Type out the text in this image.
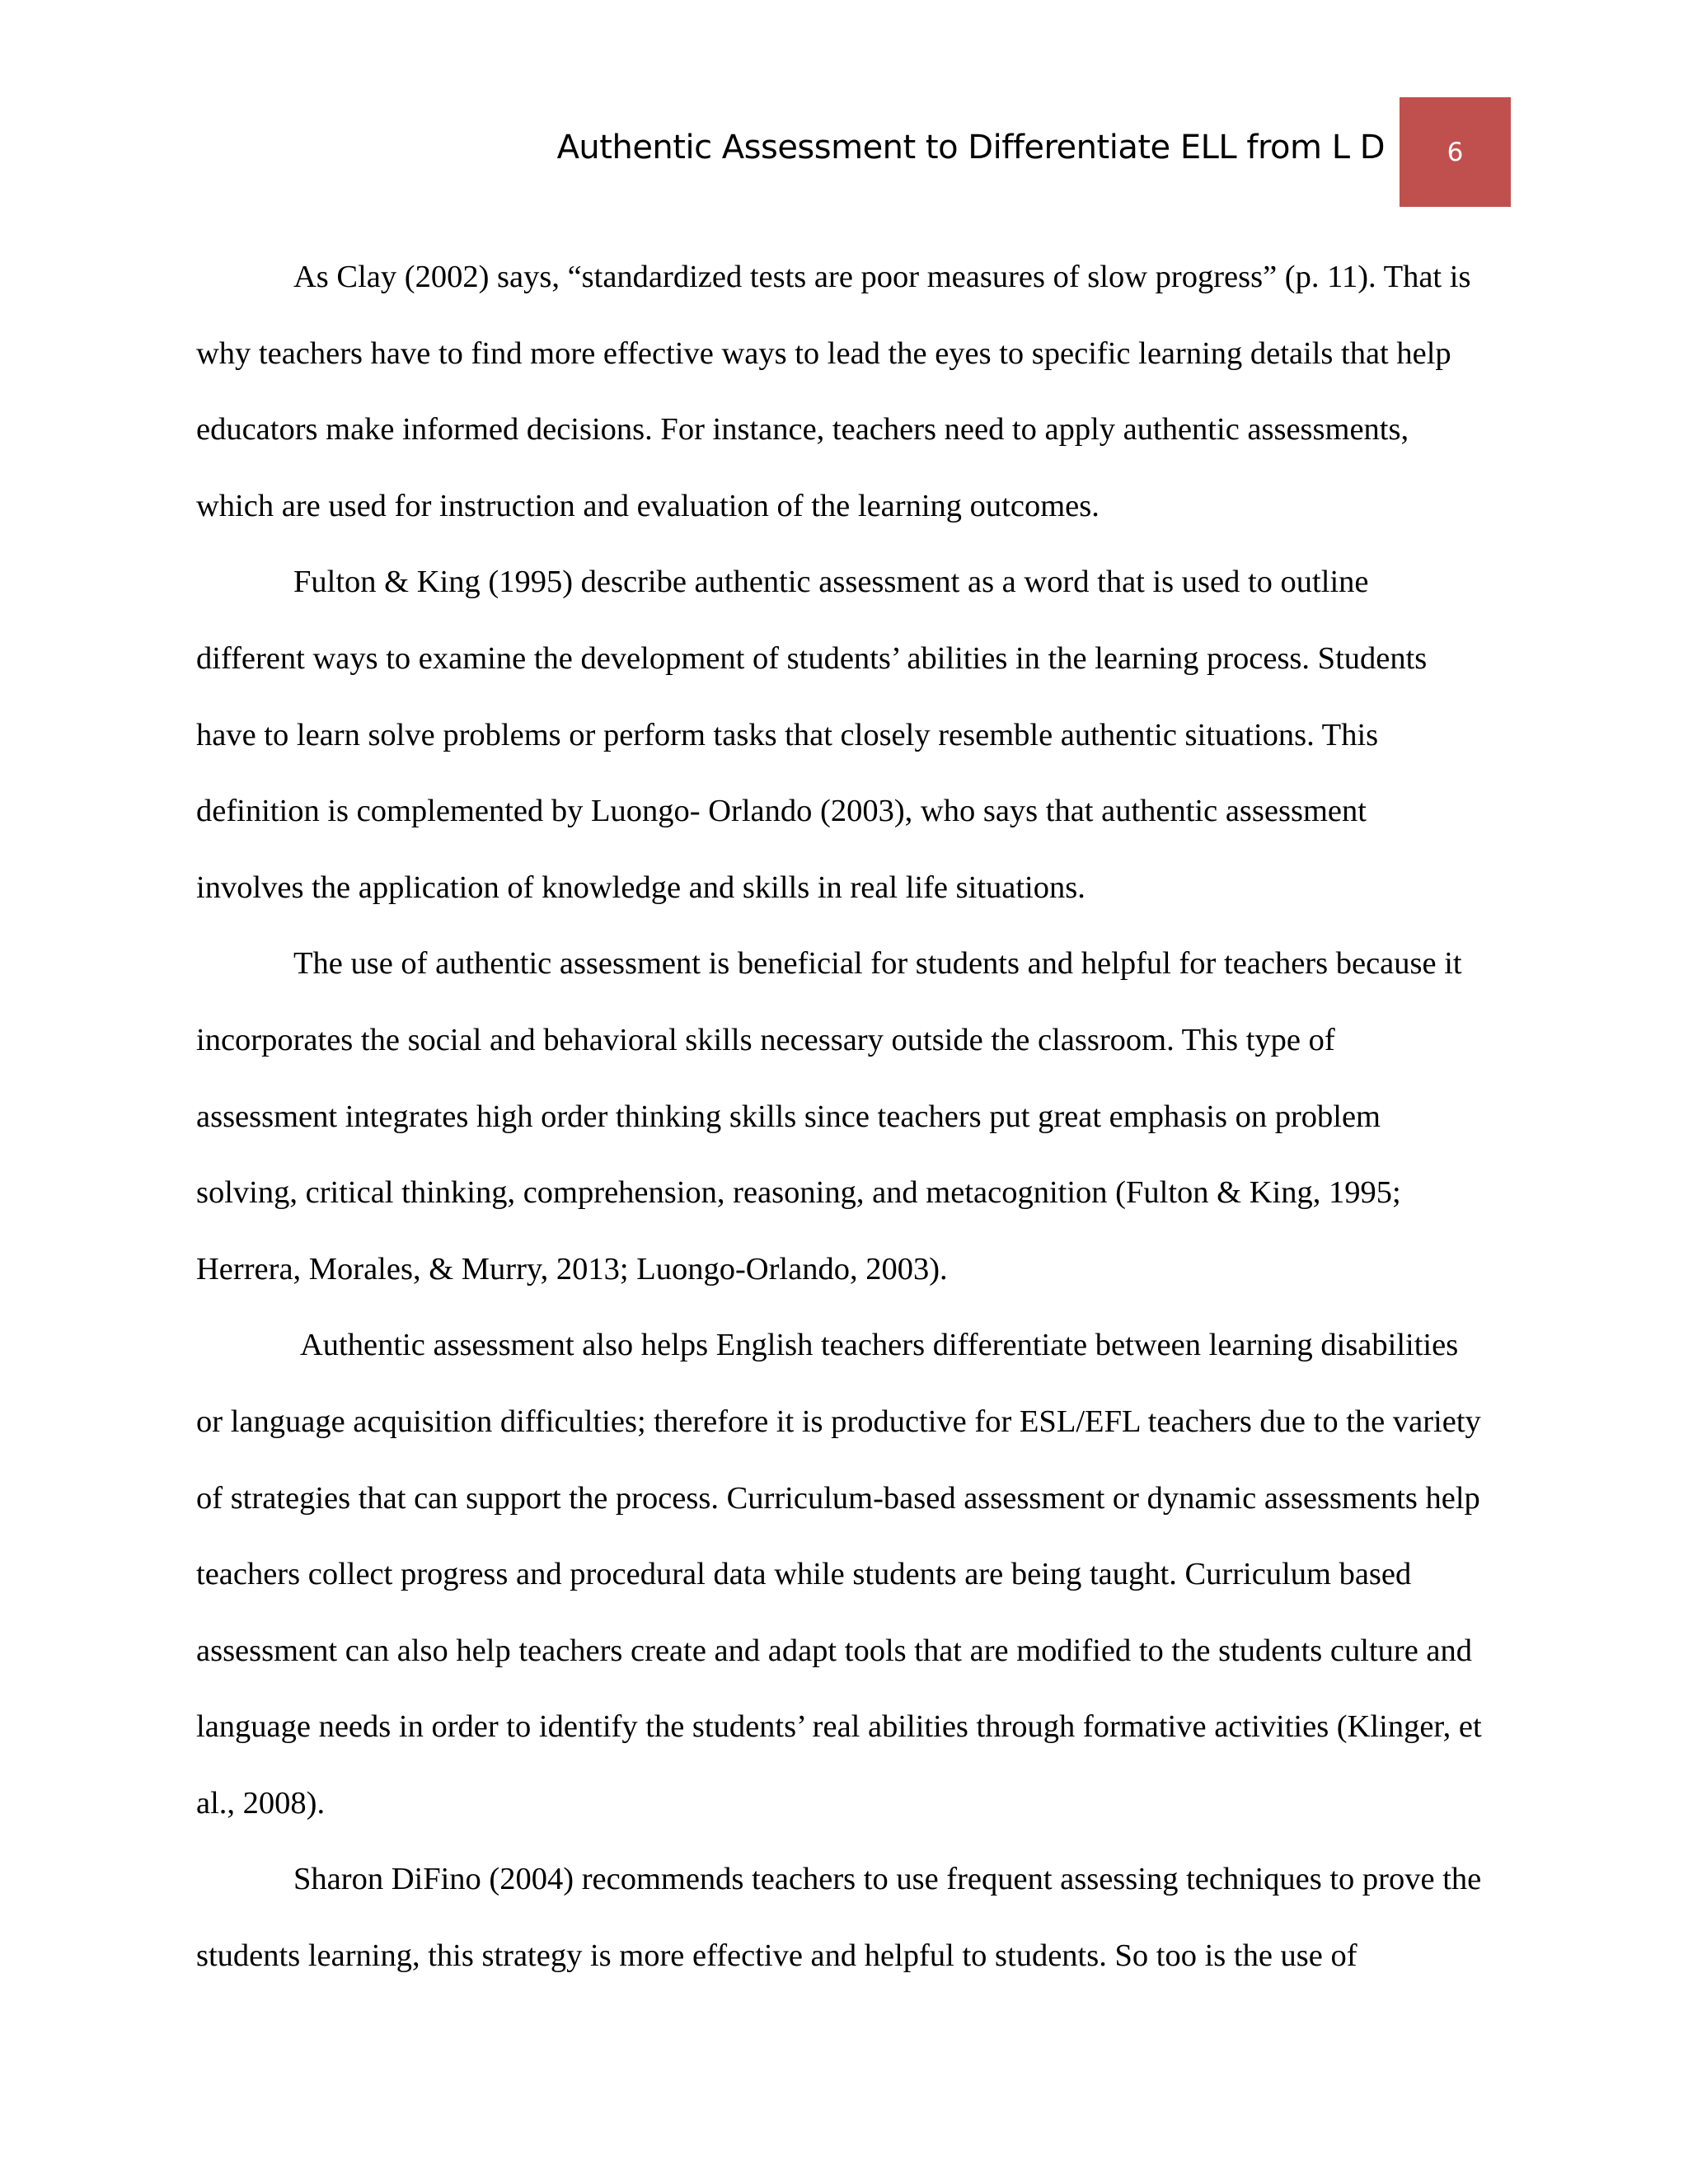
Authentic Assessment to Differentiate ELL from L D 6

As Clay (2002) says, “standardized tests are poor measures of slow progress” (p. 11). That is why teachers have to find more effective ways to lead the eyes to specific learning details that help educators make informed decisions. For instance, teachers need to apply authentic assessments, which are used for instruction and evaluation of the learning outcomes.

Fulton & King (1995) describe authentic assessment as a word that is used to outline different ways to examine the development of students’ abilities in the learning process. Students have to learn solve problems or perform tasks that closely resemble authentic situations. This definition is complemented by Luongo- Orlando (2003), who says that authentic assessment involves the application of knowledge and skills in real life situations.

The use of authentic assessment is beneficial for students and helpful for teachers because it incorporates the social and behavioral skills necessary outside the classroom. This type of assessment integrates high order thinking skills since teachers put great emphasis on problem solving, critical thinking, comprehension, reasoning, and metacognition (Fulton & King, 1995; Herrera, Morales, & Murry, 2013; Luongo-Orlando, 2003).

Authentic assessment also helps English teachers differentiate between learning disabilities or language acquisition difficulties; therefore it is productive for ESL/EFL teachers due to the variety of strategies that can support the process. Curriculum-based assessment or dynamic assessments help teachers collect progress and procedural data while students are being taught. Curriculum based assessment can also help teachers create and adapt tools that are modified to the students culture and language needs in order to identify the students’ real abilities through formative activities (Klinger, et al., 2008).

Sharon DiFino (2004) recommends teachers to use frequent assessing techniques to prove the students learning, this strategy is more effective and helpful to students. So too is the use of
